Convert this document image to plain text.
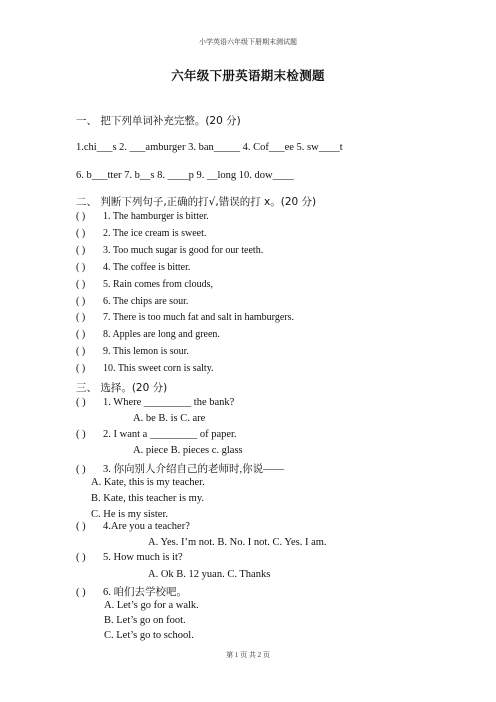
小学英语六年级下册期末测试题
六年级下册英语期末检测题
一、 把下列单词补充完整。(20 分)
1.chi___s 2. ___amburger 3. ban_____ 4. Cof___ee 5. sw____t
6. b___tter 7. b__s 8. ____p 9. __long 10. dow____
二、 判断下列句子,正确的打√,错误的打 x。(20 分)
( ) 1. The hamburger is bitter.
( ) 2. The ice cream is sweet.
( ) 3. Too much sugar is good for our teeth.
( ) 4. The coffee is bitter.
( ) 5. Rain comes from clouds,
( ) 6. The chips are sour.
( ) 7. There is too much fat and salt in hamburgers.
( ) 8. Apples are long and green.
( ) 9. This lemon is sour.
( ) 10. This sweet corn is salty.
三、 选择。(20 分)
( ) 1. Where _________ the bank?
A. be B. is C. are
( ) 2. I want a _________ of paper.
A. piece B. pieces c. glass
( ) 3. 你向别人介绍自己的老师时,你说——
A. Kate, this is my teacher.
B. Kate, this teacher is my.
C. He is my sister.
( ) 4.Are you a teacher?
A. Yes. I’m not. B. No. I not. C. Yes. I am.
( ) 5. How much is it?
A. Ok B. 12 yuan. C. Thanks
( ) 6. 咱们去学校吧。
A. Let’s go for a walk.
B. Let’s go on foot.
C. Let’s go to school.
第 1 页 共 2 页
